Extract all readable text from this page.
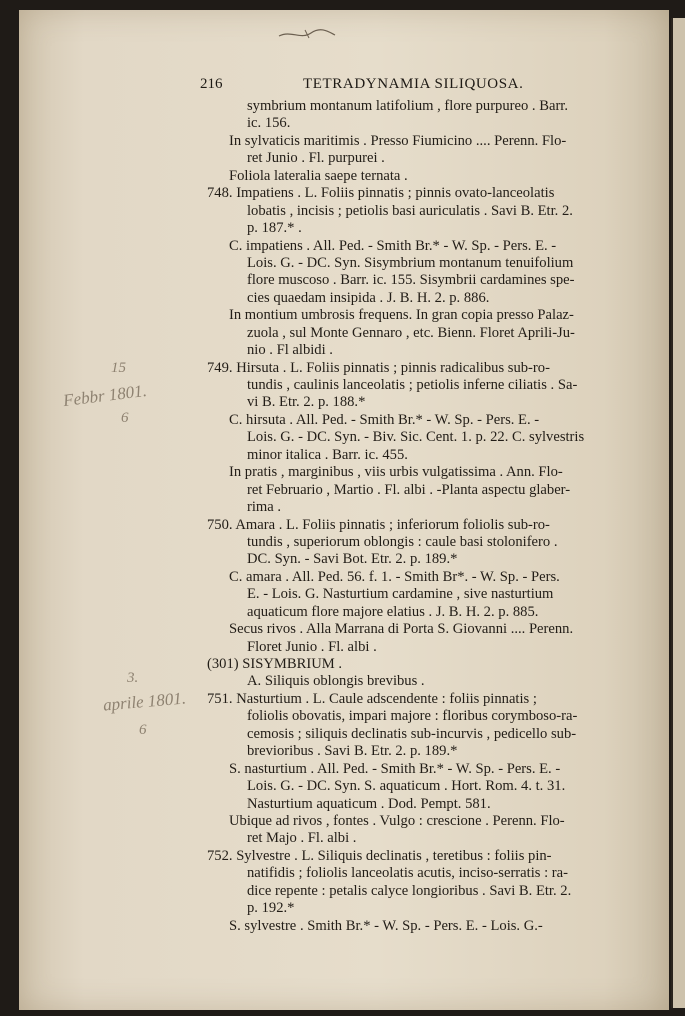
216	TETRADYNAMIA SILIQUOSA.
symbrium montanum latifolium , flore purpureo . Barr.
ic. 156.
In sylvaticis maritimis . Presso Fiumicino .... Perenn. Flo-
ret Junio . Fl. purpurei .
Foliola lateralia saepe ternata .
748. Impatiens . L. Foliis pinnatis ; pinnis ovato-lanceolatis
lobatis , incisis ; petiolis basi auriculatis . Savi B. Etr. 2.
p. 187.* .
C. impatiens . All. Ped. - Smith Br.* - W. Sp. - Pers. E. -
Lois. G. - DC. Syn. Sisymbrium montanum tenuifolium
flore muscoso . Barr. ic. 155. Sisymbrii cardamines spe-
cies quaedam insipida . J. B. H. 2. p. 886.
In montium umbrosis frequens. In gran copia presso Palaz-
zuola , sul Monte Gennaro , etc. Bienn. Floret Aprili-Ju-
nio . Fl albidi .
749. Hirsuta . L. Foliis pinnatis ; pinnis radicalibus sub-ro-
tundis , caulinis lanceolatis ; petiolis inferne ciliatis . Sa-
vi B. Etr. 2. p. 188.*
C. hirsuta . All. Ped. - Smith Br.* - W. Sp. - Pers. E. -
Lois. G. - DC. Syn. - Biv. Sic. Cent. 1. p. 22. C. sylvestris
minor italica . Barr. ic. 455.
In pratis , marginibus , viis urbis vulgatissima . Ann. Flo-
ret Februario , Martio . Fl. albi . -Planta aspectu glaber-
rima .
750. Amara . L. Foliis pinnatis ; inferiorum foliolis sub-ro-
tundis , superiorum oblongis : caule basi stolonifero .
DC. Syn. - Savi Bot. Etr. 2. p. 189.*
C. amara . All. Ped. 56. f. 1. - Smith Br*. - W. Sp. - Pers.
E. - Lois. G. Nasturtium cardamine , sive nasturtium
aquaticum flore majore elatius . J. B. H. 2. p. 885.
Secus rivos . Alla Marrana di Porta S. Giovanni .... Perenn.
Floret Junio . Fl. albi .
(301) SISYMBRIUM .
A. Siliquis oblongis brevibus .
751. Nasturtium . L. Caule adscendente : foliis pinnatis ;
foliolis obovatis, impari majore : floribus corymboso-ra-
cemosis ; siliquis declinatis sub-incurvis , pedicello sub-
brevioribus . Savi B. Etr. 2. p. 189.*
S. nasturtium . All. Ped. - Smith Br.* - W. Sp. - Pers. E. -
Lois. G. - DC. Syn. S. aquaticum . Hort. Rom. 4. t. 31.
Nasturtium aquaticum . Dod. Pempt. 581.
Ubique ad rivos , fontes . Vulgo : crescione . Perenn. Flo-
ret Majo . Fl. albi .
752. Sylvestre . L. Siliquis declinatis , teretibus : foliis pin-
natifidis ; foliolis lanceolatis acutis, inciso-serratis : ra-
dice repente : petalis calyce longioribus . Savi B. Etr. 2.
p. 192.*
S. sylvestre . Smith Br.* - W. Sp. - Pers. E. - Lois. G.-
15
Febbr 1801.
6
3.
aprile 1801.
6
